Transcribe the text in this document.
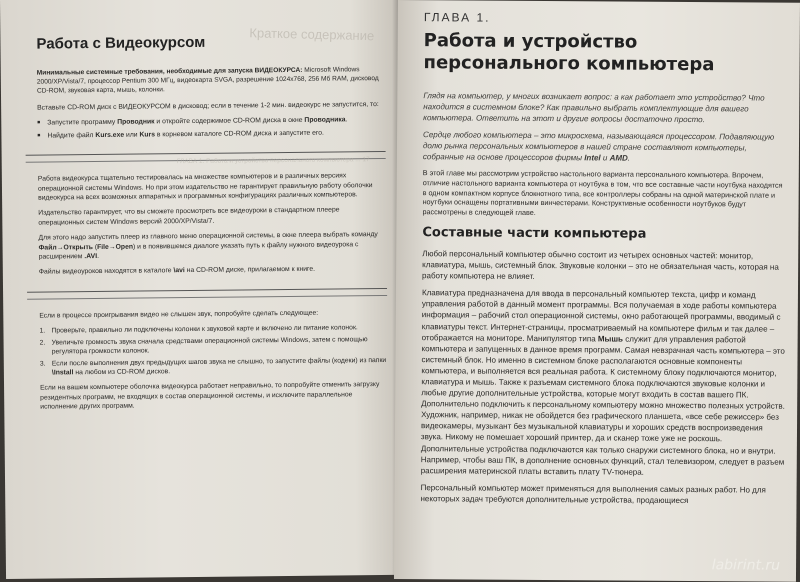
Краткое содержание
ГЛАВА 1. Работа и устройство персонального компьютера ... 17
Работа с Видеокурсом

Минимальные системные требования, необходимые для запуска ВИДЕОКУРСА: Microsoft Windows 2000/XP/Vista/7, процессор Pentium 300 МГц, видеокарта SVGA, разрешение 1024х768, 256 Мб RAM, дисковод CD-ROM, звуковая карта, мышь, колонки.

Вставьте CD-ROM диск с ВИДЕОКУРСОМ в дисковод; если в течение 1-2 мин. видеокурс не запустится, то:

■ Запустите программу Проводник и откройте содержимое CD-ROM диска в окне Проводника.
■ Найдите файл Kurs.exe или Kurs в корневом каталоге CD-ROM диска и запустите его.

Работа видеокурса тщательно тестировалась на множестве компьютеров и в различных версиях операционной системы Windows. Но при этом издательство не гарантирует правильную работу оболочки видеокурса на всех возможных аппаратных и программных конфигурациях различных компьютеров.

Издательство гарантирует, что вы сможете просмотреть все видеоуроки в стандартном плеере операционных систем Windows версий 2000/XP/Vista/7.

Для этого надо запустить плеер из главного меню операционной системы, в окне плеера выбрать команду Файл→Открыть (File→Open) и в появившемся диалоге указать путь к файлу нужного видеоурока с расширением .AVI.

Файлы видеоуроков находятся в каталоге \avi на CD-ROM диске, прилагаемом к книге.

Если в процессе проигрывания видео не слышен звук, попробуйте сделать следующее:

1. Проверьте, правильно ли подключены колонки к звуковой карте и включено ли питание колонок.
2. Увеличьте громкость звука сначала средствами операционной системы Windows, затем с помощью регулятора громкости колонок.
3. Если после выполнения двух предыдущих шагов звука не слышно, то запустите файлы (кодеки) из папки \Install на любом из CD-ROM дисков.

Если на вашем компьютере оболочка видеокурса работает неправильно, то попробуйте отменить загрузку резидентных программ, не входящих в состав операционной системы, и исключите параллельное исполнение других программ.

ГЛАВА 1.
Работа и устройство
персонального компьютера

Глядя на компьютер, у многих возникает вопрос: а как работает это устройство? Что находится в системном блоке? Как правильно выбрать комплектующие для вашего компьютера. Ответить на этот и другие вопросы достаточно просто.

Сердце любого компьютера – это микросхема, называющаяся процессором. Подавляющую долю рынка персональных компьютеров в нашей стране составляют компьютеры, собранные на основе процессоров фирмы Intel и AMD.

В этой главе мы рассмотрим устройство настольного варианта персонального компьютера. Впрочем, отличие настольного варианта компьютера от ноутбука в том, что все составные части ноутбука находятся в одном компактном корпусе блокнотного типа, все контроллеры собраны на одной материнской плате и ноутбуки оснащены портативными винчестерами. Конструктивные особенности ноутбуков будут рассмотрены в следующей главе.

Составные части компьютера

Любой персональный компьютер обычно состоит из четырех основных частей: монитор, клавиатура, мышь, системный блок. Звуковые колонки – это не обязательная часть, которая на работу компьютера не влияет.

Клавиатура предназначена для ввода в персональный компьютер текста, цифр и команд управления работой в данный момент программы. Вся получаемая в ходе работы компьютера информация – рабочий стол операционной системы, окно работающей программы, вводимый с клавиатуры текст. Интернет-страницы, просматриваемый на компьютере фильм и так далее – отображается на мониторе. Манипулятор типа Мышь служит для управления работой компьютера и запущенных в данное время программ. Самая невзрачная часть компьютера – это системный блок. Но именно в системном блоке располагаются основные компоненты компьютера, и выполняется вся реальная работа. К системному блоку подключаются монитор, клавиатура и мышь. Также к разъемам системного блока подключаются звуковые колонки и любые другие дополнительные устройства, которые могут входить в состав вашего ПК. Дополнительно подключить к персональному компьютеру можно множество полезных устройств. Художник, например, никак не обойдется без графического планшета, «все себе режиссер» без видеокамеры, музыкант без музыкальной клавиатуры и хороших средств воспроизведения звука. Никому не помешает хороший принтер, да и сканер тоже уже не роскошь. Дополнительные устройства подключаются как только снаружи системного блока, но и внутри. Например, чтобы ваш ПК, в дополнение основных функций, стал телевизором, следует в разъем расширения материнской платы вставить плату TV-тюнера.

Персональный компьютер может применяться для выполнения самых разных работ. Но для некоторых задач требуются дополнительные устройства, продающиеся

labirint.ru
